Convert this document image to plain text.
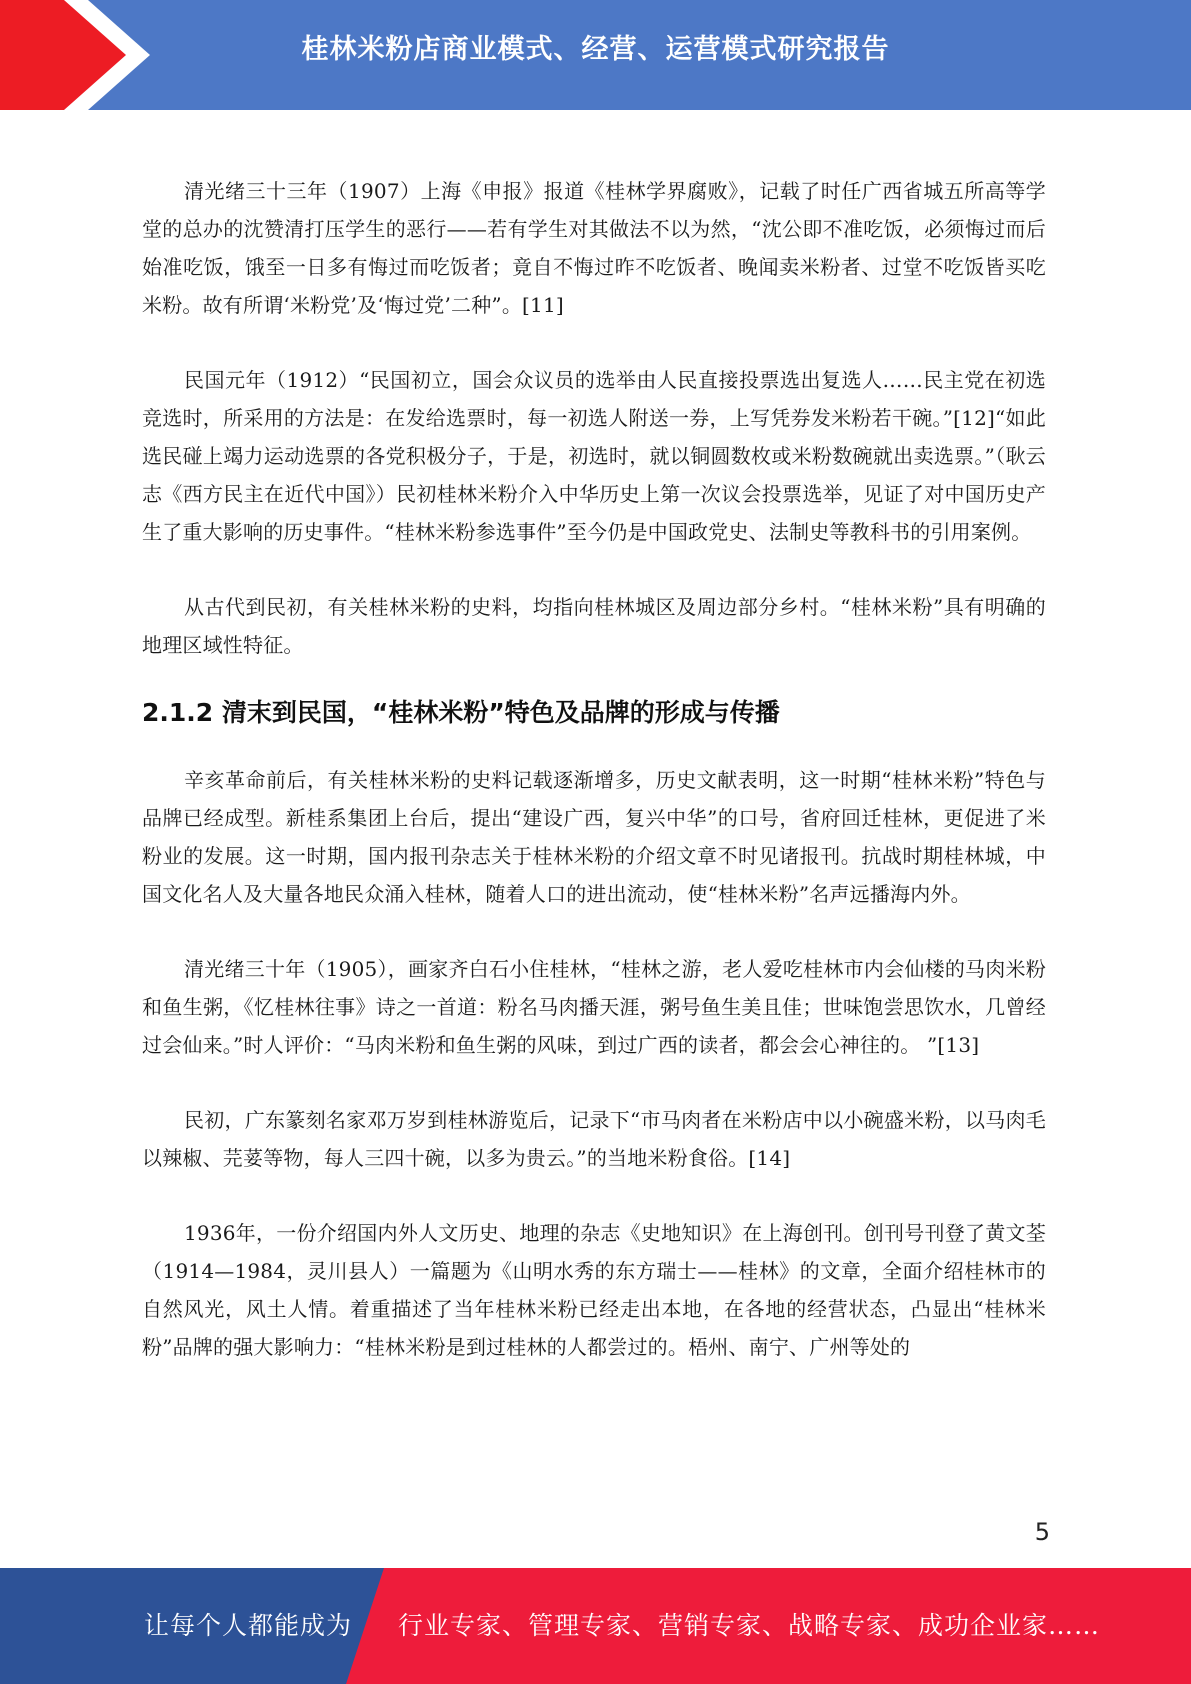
桂林米粉店商业模式、经营、运营模式研究报告

清光绪三十三年（1907）上海《申报》报道《桂林学界腐败》，记载了时任广西省城五所高等学堂的总办的沈赞清打压学生的恶行——若有学生对其做法不以为然，“沈公即不准吃饭，必须悔过而后始准吃饭，饿至一日多有悔过而吃饭者；竟自不悔过昨不吃饭者、晚闻卖米粉者、过堂不吃饭皆买吃米粉。故有所谓‘米粉党’及‘悔过党’二种”。[11]

民国元年（1912）“民国初立，国会众议员的选举由人民直接投票选出复选人……民主党在初选竞选时，所采用的方法是：在发给选票时，每一初选人附送一券，上写凭券发米粉若干碗。”[12]“如此选民碰上竭力运动选票的各党积极分子，于是，初选时，就以铜圆数枚或米粉数碗就出卖选票。”（耿云志《西方民主在近代中国》）民初桂林米粉介入中华历史上第一次议会投票选举，见证了对中国历史产生了重大影响的历史事件。“桂林米粉参选事件”至今仍是中国政党史、法制史等教科书的引用案例。

从古代到民初，有关桂林米粉的史料，均指向桂林城区及周边部分乡村。“桂林米粉”具有明确的地理区域性特征。

2.1.2 清末到民国，“桂林米粉”特色及品牌的形成与传播

辛亥革命前后，有关桂林米粉的史料记载逐渐增多，历史文献表明，这一时期“桂林米粉”特色与品牌已经成型。新桂系集团上台后，提出“建设广西，复兴中华”的口号，省府回迁桂林，更促进了米粉业的发展。这一时期，国内报刊杂志关于桂林米粉的介绍文章不时见诸报刊。抗战时期桂林城，中国文化名人及大量各地民众涌入桂林，随着人口的进出流动，使“桂林米粉”名声远播海内外。

清光绪三十年（1905），画家齐白石小住桂林，“桂林之游，老人爱吃桂林市内会仙楼的马肉米粉和鱼生粥，《忆桂林往事》诗之一首道：粉名马肉播天涯，粥号鱼生美且佳；世味饱尝思饮水，几曾经过会仙来。”时人评价：“马肉米粉和鱼生粥的风味，到过广西的读者，都会会心神往的。 ”[13]

民初，广东篆刻名家邓万岁到桂林游览后，记录下“市马肉者在米粉店中以小碗盛米粉，以马肉毛以辣椒、芫荽等物，每人三四十碗，以多为贵云。”的当地米粉食俗。[14]

1936年，一份介绍国内外人文历史、地理的杂志《史地知识》在上海创刊。创刊号刊登了黄文荃（1914—1984，灵川县人）一篇题为《山明水秀的东方瑞士——桂林》的文章，全面介绍桂林市的自然风光，风土人情。着重描述了当年桂林米粉已经走出本地，在各地的经营状态，凸显出“桂林米粉”品牌的强大影响力：“桂林米粉是到过桂林的人都尝过的。梧州、南宁、广州等处的

5
让每个人都能成为 行业专家、管理专家、营销专家、战略专家、成功企业家……
